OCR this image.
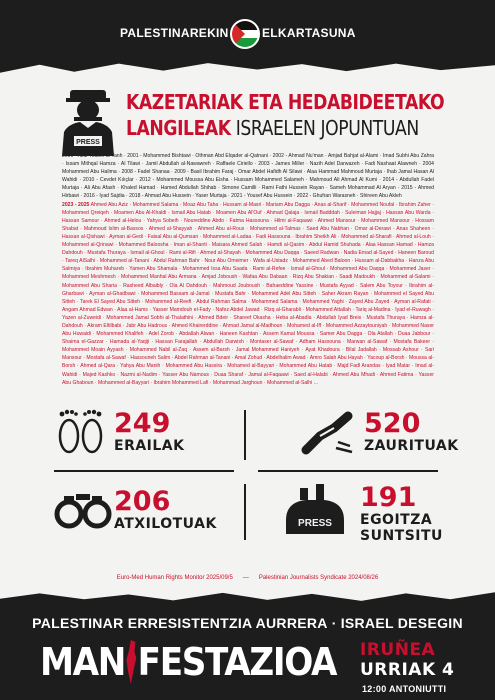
PALESTINAREKIN	ELKARTASUNA
PRESS
KAZETARIAK ETA HEDABIDEETAKO
LANGILEAK ISRAELEN JOPUNTUAN
2000 - Aziz Yousef al-Tanh · 2001 - Mohammed Bishtawi · Othman Abd Elqader al-Qatnani · 2002 - Ahmad Nu'man · Amjad Bahjat al-Alami · Imad Subhi Abu Zahra · Issam Mithqal Hamza · Al Tilawi · Jamil Abdullah al-Nawawreh · Raffaele Ciriello · 2003 - James Miller · Nazih Adel Darwazeh · Fadi Nashaat Alawneh · 2004 Mohammed Abu Halima · 2008 - Fadel Shanaa · 2009 - Basil Ibrahim Faraj · Omar Abdel Hafidh Al Silawi · Alaa Hammad Mahmoud Murtaja · Ihab Jamal Hasan Al Wahidi · 2010 - Cevdet Kılıçlar · 2012 - Mohammed Moussa Abu Eisha · Hussam Mohammed Salameh · Mahmoud Ali Ahmad Al Kumi · 2014 - Abdullah Fadel Murtaja · Ali Abu Afash · Khaled Hamad · Hamed Abdullah Shihab · Simone Camilli · Rami Fathi Hussein Rayan · Sameh Mohammad Al Aryan · 2015 - Ahmed Hirbawi · 2016 - Iyad Sajdia · 2018 - Ahmad Abu Hussein · Yaser Murtaja · 2021 - Yousef Abu Hussein · 2022 - Ghufran Warasneh · Shireen Abu Akleh
2023 - 2025 Ahmed Abu Aziz · Mohammed Salama · Moaz Abu Taha · Hussam al-Masri · Mariam Abu Dagga · Anas al-Sharif · Mohammed Noufal · Ibrahim Zaher · Mohammed Qreiqeh · Moamen Abu Al-Khaldi · Ismail Abu Hatab · Moamen Abu Al'Ouf · Ahmad Qalaja · Ismail Badddah · Suleiman Hajjaj · Hassan Abu Warda · Hassan Samour · Ahmed al-Helou · Yahya Sobeih · Noureddine Abdo · Fatma Hassouna · Hilmi al-Faqaawi · Ahmed Mansour · Mohammed Mansour · Hossam Shabat · Mahmoud Islim al-Bassos · Ahmed al-Shayyah · Ahmed Abu al-Rous · Mohammed al-Talmas · Saed Abu Nabhan · Omar al-Derawi · Anas Shaheen · Hassan al-Qishawi · Ayman al-Gedi · Faisal Abu al-Qumsan · Mohammed al-Ladaa · Fadi Hassouna · Ibrahim Sheikh Ali · Mohammed al-Sharafi · Ahmed al-Louh · Mohammed al-Qrinawi · Mohammed Baloosha · Iman al-Shanti · Maisara Ahmed Salah · Hamdi al-Qasim · Abdul Hamid Shuhada · Alaa Hassan Hamad · Hamza Dahdouh · Mustafa Thuraya · Ismail al-Ghoul · Rami al-Rifi · Ahmed al-Shayah · Mohammed Abu Daqqa · Saeed Radwan · Nadia Emad al-Sayed · Haneen Baroud · Tareq AlSalhi · Mohammed al-Tanani · Abdul Rahman Bahr · Nour Abu Omeimer · Wafa al-Ustadz · Mohammed Abed Baloon · Hussam al-Dabbakha · Hanza Abu Salmiya · Ibrahim Muhareb · Yamen Abu Shamala · Mohammed Issa Abu Saada · Rami al-Refee · Ismail al-Ghoul · Mohammed Abu Daqqa · Mohammed Jaser · Mohammed Meshmesh · Mohammed Manhal Abu Armana · Amjad Joboush · Wafaa Abu Dabaan · Rizq Abu Shakian · Saadi Madoukh · Mohammed al-Salami · Mohammed Abu Sharia · Rasheed Albaibly · Ola Al Dahdouh · Mahmoud Jouboush · Bahaeddine Yassine · Mustafa Ayyad · Salem Abu Toyour · Ibrahim al-Gharbawi · Ayman al-Ghadbawi · Mohammed Bassam al-Jamal · Mustafa Bahr · Mohammed Adel Abu Sitteh · Saher Akram Rayan · Mohammed el Sayed Abu Sitteh · Tarek El Sayed Abu Sitteh · Mohammed al-Reefi · Abdul Rahman Salma · Mohammed Salama · Mohammed Yaghi · Zayed Abu Zayed · Ayman al-Rafati · Angam Ahmad Edwan · Alaa al-Hams · Yasser Mamdouh el-Fady · Nafez Abdel Jawad · Rizq al-Gharabli · Mohammed Attallah · Tariq al-Madina · Iyad el-Ruwagh · Yazen al-Zuweidi · Mohammed Jamal Sobhi al-Thalathini · Ahmed Bdeir · Shareef Okasha · Heba al-Abadla · Abdullah Iyad Breis · Mustafa Thuraya · Hamza al-Dahdouh · Akram Eltilbabi · Jabr Abu Hadrous · Ahmed Khairerddine · Ahmad Jamal al-Madhoun · Mohamed al-Iff · Mohammed Azzaytouniyah · Mohammed Naser Abu Huwaidi · Mohammed Khalifeh · Adel Zorob · Abdallah Alwan · Haneen Kashtan · Assem Kamal Moussa · Samer Abu Dagga · Ola Atallah · Duaa Jabbour · Shaima el-Gazzar · Hamada al-Yaqiji · Hassan Farajallah · Abdullah Darwish · Montaser al-Sawaf · Adham Hassouna · Marwan al-Sawaf · Mostafa Bakeer · Mohammed Moain Ayyash · Mohammed Nabil al-Zaq · Assem al-Barsh · Jamal Mohammed Haniyeh · Ayat Khadoura · Bilal Jadallah · Mossab Ashour · Sari Mansour · Mostafa al-Sawaf · Hassouneh Salim · Abdel Rahman al-Tanani · Amal Zohud · Abdelhalim Awad · Amro Salah Abu Hayah · Yacoup al-Borsh · Moussa al-Borsh · Ahmed al-Qara · Yahya Abu Manih · Mohammed Abu Hassira · Mohamed al-Bayyari · Mohammed Abu Hatab · Majd Fadl Arandas · Iyad Matar · Imad al-Wahidi · Majed Kashko · Nazmi al-Nadim · Yasser Abu Namous · Duaa Sharaf · Jamal al-Faqaawi · Saed al-Halabi · Ahmed Abu Mhadi · Ahmed Fatima · Yasser Abu Ghaboun · Mohammed al-Bayyari · Ibrahim Mohammed Lafi · Mohammad Jarghoun · Mohammed al-Salhi ...
249
ERAILAK
520
ZAURITUAK
206
ATXILOTUAK	PRESS
191
EGOITZA
SUNTSITU
Euro-Med Human Rights Monitor 2025/09/5 — Palestinian Journalists Syndicate 2024/08/26
PALESTINAR ERRESISTENTZIA AURRERA · ISRAEL DESEGIN
MAN FESTAZIOA IRUÑEA
URRIAK 4
12:00 ANTONIUTTI
